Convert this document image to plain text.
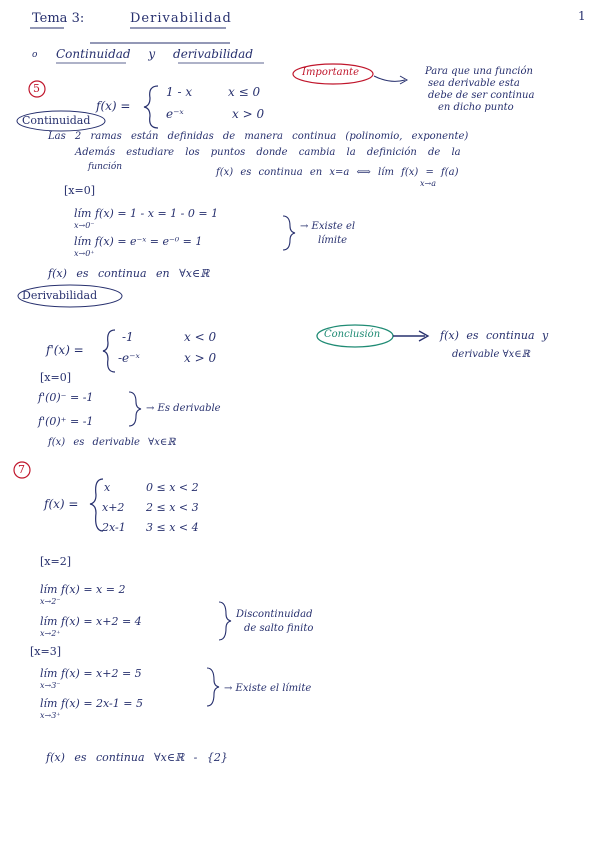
Tema 3:	Derivabilidad	1
o Continuidad y derivabilidad
5
Importante	Para que una función
sea derivable esta
debe de ser continua
en dicho punto
f(x) =
1 - x	x ≤ 0
e⁻ˣ	x > 0
Continuidad
Las 2 ramas están definidas de manera continua (polinomio, exponente)
Además estudiare los puntos donde cambia la definición de la
función	f(x) es continua en x=a ⟺ lím f(x) = f(a)
x→a
[x=0]
lím f(x) = 1 - x = 1 - 0 = 1
x→0⁻
lím f(x) = e⁻ˣ = e⁻⁰ = 1
x→0⁺
→ Existe el
límite
f(x) es continua en ∀x∈ℝ
Derivabilidad
f'(x) =
-1	x < 0
-e⁻ˣ	x > 0
Conclusión	f(x) es continua y
derivable ∀x∈ℝ
[x=0]
f'(0)⁻ = -1
f'(0)⁺ = -1
→ Es derivable
f(x) es derivable ∀x∈ℝ
7
f(x) =
x	0 ≤ x < 2
x+2 2 ≤ x < 3
2x-1 3 ≤ x < 4
[x=2]
lím f(x) = x = 2
x→2⁻
lím f(x) = x+2 = 4
x→2⁺
Discontinuidad
de salto finito
[x=3]
lím f(x) = x+2 = 5
x→3⁻
lím f(x) = 2x-1 = 5
x→3⁺
→ Existe el límite
f(x) es continua ∀x∈ℝ - {2}
